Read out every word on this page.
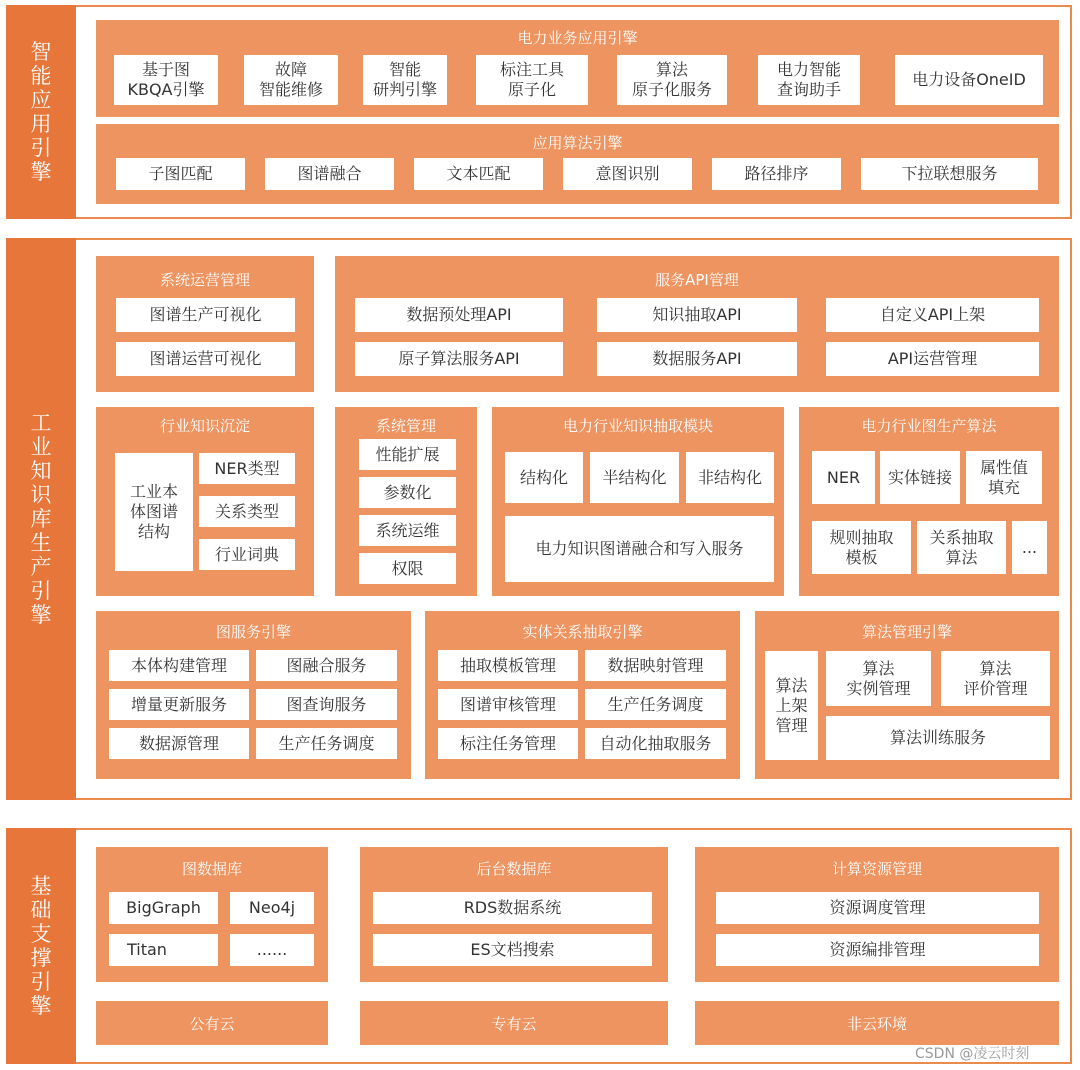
智能应用引擎
电力业务应用引擎
基于图
KBQA引擎
故障
智能维修
智能
研判引擎
标注工具
原子化
算法
原子化服务
电力智能
查询助手
电力设备OneID
应用算法引擎
子图匹配	图谱融合	文本匹配	意图识别	路径排序	下拉联想服务
工业知识库生产引擎
系统运营管理
图谱生产可视化
图谱运营可视化
服务API管理
数据预处理API	知识抽取API	自定义API上架
原子算法服务API	数据服务API	API运营管理
行业知识沉淀
工业本
体图谱
结构
NER类型
关系类型
行业词典
系统管理
性能扩展
参数化
系统运维
权限
电力行业知识抽取模块
结构化	半结构化	非结构化
电力知识图谱融合和写入服务
电力行业图生产算法
NER	实体链接
属性值
填充
规则抽取
模板
关系抽取
算法
...
图服务引擎
本体构建管理	图融合服务
增量更新服务	图查询服务
数据源管理	生产任务调度
实体关系抽取引擎
抽取模板管理	数据映射管理
图谱审核管理	生产任务调度
标注任务管理	自动化抽取服务
算法管理引擎
算法
上架
管理
算法
实例管理
算法
评价管理
算法训练服务
基础支撑引擎
图数据库
BigGraph	Neo4j
Titan	......
后台数据库
RDS数据系统
ES文档搜索
计算资源管理
资源调度管理
资源编排管理
公有云	专有云	非云环境
CSDN @凌云时刻
